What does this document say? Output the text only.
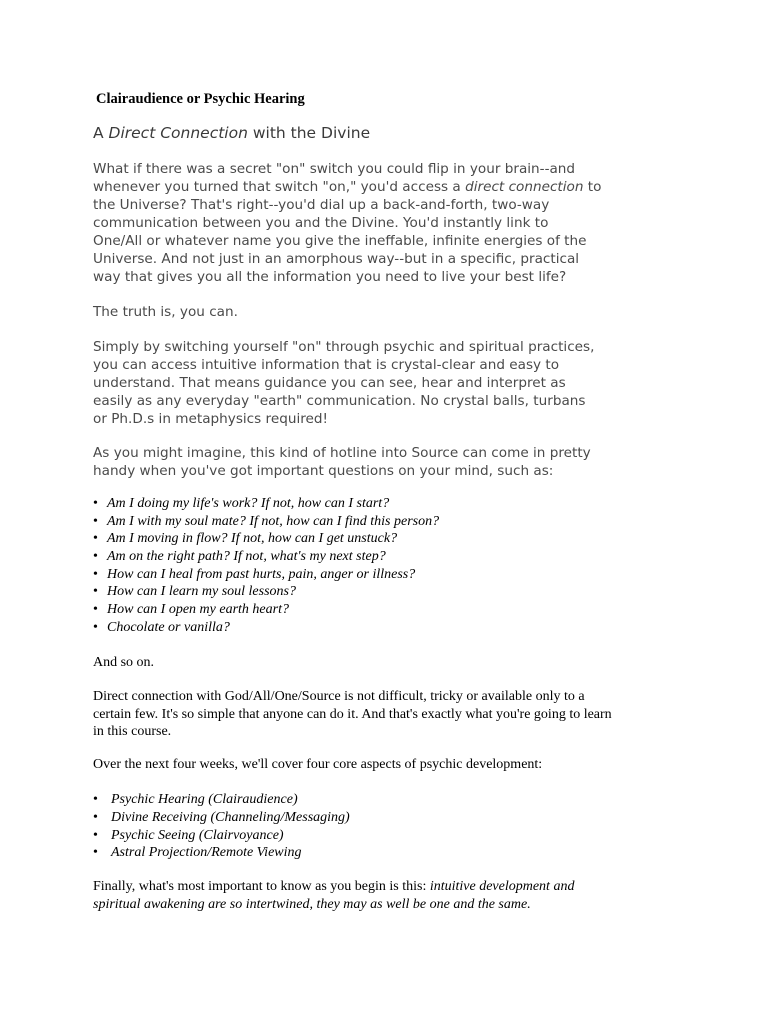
Clairaudience or Psychic Hearing
A Direct Connection with the Divine

What if there was a secret "on" switch you could flip in your brain--and
whenever you turned that switch "on," you'd access a direct connection to
the Universe? That's right--you'd dial up a back-and-forth, two-way
communication between you and the Divine. You'd instantly link to
One/All or whatever name you give the ineffable, infinite energies of the
Universe. And not just in an amorphous way--but in a specific, practical
way that gives you all the information you need to live your best life?

The truth is, you can.

Simply by switching yourself "on" through psychic and spiritual practices,
you can access intuitive information that is crystal-clear and easy to
understand. That means guidance you can see, hear and interpret as
easily as any everyday "earth" communication. No crystal balls, turbans
or Ph.D.s in metaphysics required!

As you might imagine, this kind of hotline into Source can come in pretty
handy when you've got important questions on your mind, such as:

• Am I doing my life's work? If not, how can I start?
• Am I with my soul mate? If not, how can I find this person?
• Am I moving in flow? If not, how can I get unstuck?
• Am on the right path? If not, what's my next step?
• How can I heal from past hurts, pain, anger or illness?
• How can I learn my soul lessons?
• How can I open my earth heart?
• Chocolate or vanilla?

And so on.

Direct connection with God/All/One/Source is not difficult, tricky or available only to a
certain few. It's so simple that anyone can do it. And that's exactly what you're going to learn
in this course.

Over the next four weeks, we'll cover four core aspects of psychic development:

• Psychic Hearing (Clairaudience)
• Divine Receiving (Channeling/Messaging)
• Psychic Seeing (Clairvoyance)
• Astral Projection/Remote Viewing

Finally, what's most important to know as you begin is this: intuitive development and
spiritual awakening are so intertwined, they may as well be one and the same.
